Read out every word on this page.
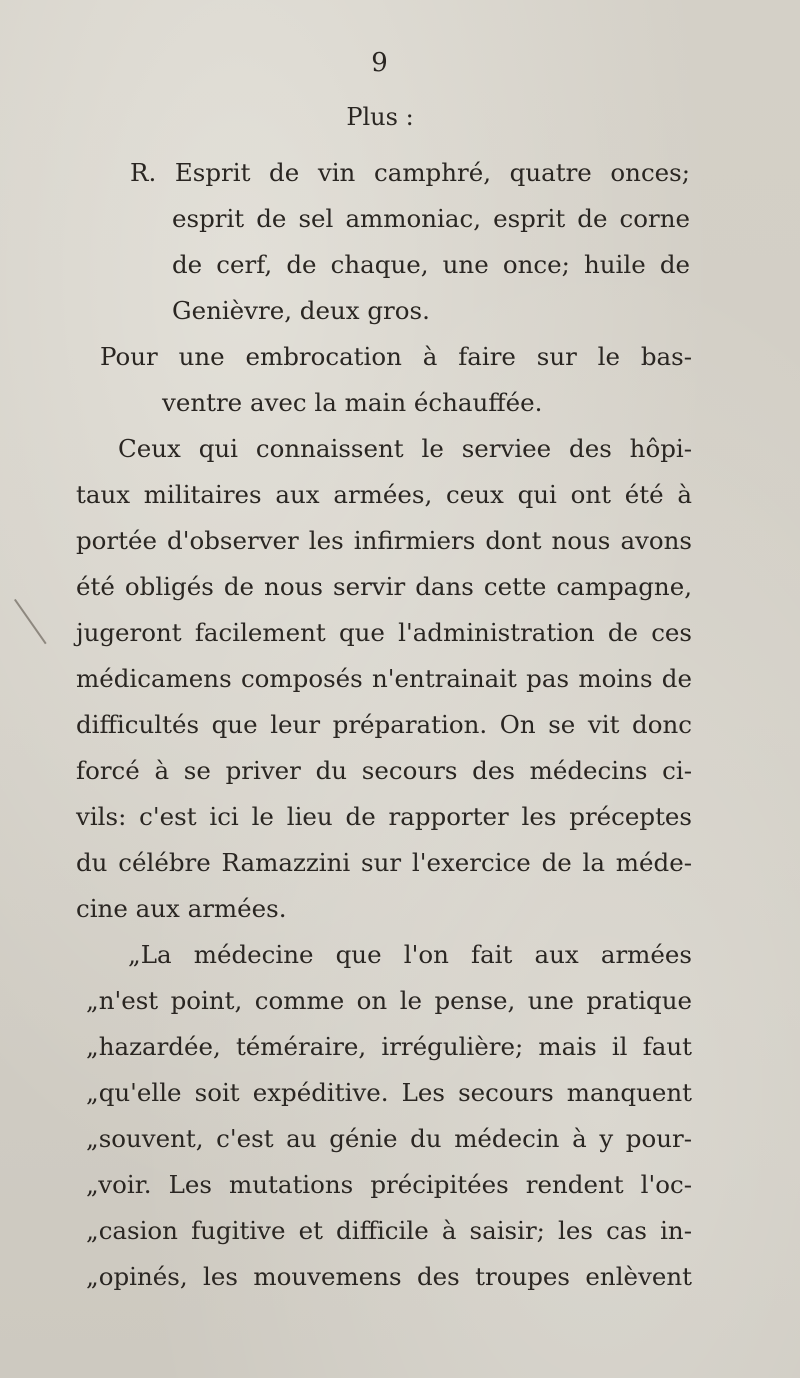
9
Plus :
R. Esprit de vin camphré, quatre onces;
esprit de sel ammoniac, esprit de corne
de cerf, de chaque, une once; huile de
Genièvre, deux gros.
Pour une embrocation à faire sur le bas-
ventre avec la main échauffée.
Ceux qui connaissent le serviee des hôpi-
taux militaires aux armées, ceux qui ont été à
portée d'observer les infirmiers dont nous avons
été obligés de nous servir dans cette campagne,
jugeront facilement que l'administration de ces
médicamens composés n'entrainait pas moins de
difficultés que leur préparation. On se vit donc
forcé à se priver du secours des médecins ci-
vils: c'est ici le lieu de rapporter les préceptes
du célébre Ramazzini sur l'exercice de la méde-
cine aux armées.
„La médecine que l'on fait aux armées
„n'est point, comme on le pense, une pratique
„hazardée, téméraire, irrégulière; mais il faut
„qu'elle soit expéditive. Les secours manquent
„souvent, c'est au génie du médecin à y pour-
„voir. Les mutations précipitées rendent l'oc-
„casion fugitive et difficile à saisir; les cas in-
„opinés, les mouvemens des troupes enlèvent
